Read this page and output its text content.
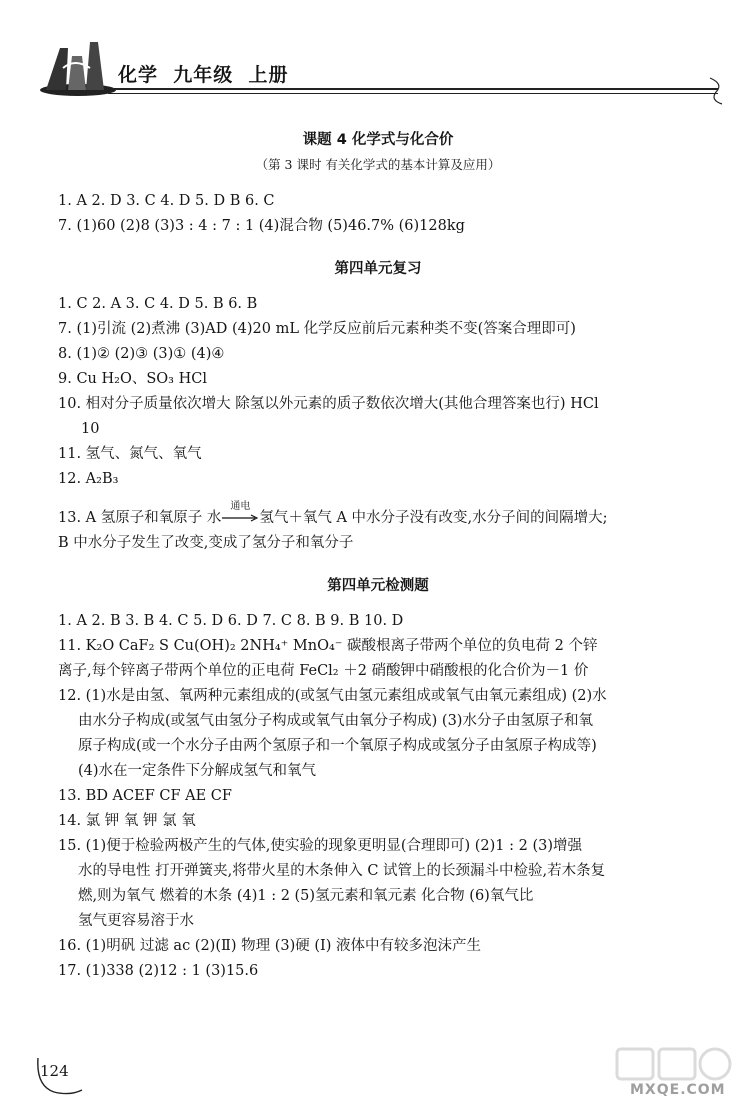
化学  九年级  上册
课题 4 化学式与化合价
（第 3 课时 有关化学式的基本计算及应用）

1. A 2. D 3. C 4. D 5. D B 6. C

7. (1)60 (2)8 (3)3 : 4 : 7 : 1 (4)混合物 (5)46.7% (6)128kg

第四单元复习

1. C 2. A 3. C 4. D 5. B 6. B

7. (1)引流 (2)煮沸 (3)AD (4)20 mL 化学反应前后元素种类不变(答案合理即可)

8. (1)② (2)③ (3)① (4)④

9. Cu H₂O、SO₃ HCl

10. 相对分子质量依次增大 除氢以外元素的质子数依次增大(其他合理答案也行) HCl

10

11. 氢气、氮气、氧气

12. A₂B₃

13. A 氢原子和氧原子 水
通电
氢气＋氧气 A 中水分子没有改变,水分子间的间隔增大;

B 中水分子发生了改变,变成了氢分子和氧分子

第四单元检测题

1. A 2. B 3. B 4. C 5. D 6. D 7. C 8. B 9. B 10. D

11. K₂O CaF₂ S Cu(OH)₂ 2NH₄⁺ MnO₄⁻ 碳酸根离子带两个单位的负电荷 2 个锌

离子,每个锌离子带两个单位的正电荷 FeCl₂ ＋2 硝酸钾中硝酸根的化合价为－1 价

12. (1)水是由氢、氧两种元素组成的(或氢气由氢元素组成或氧气由氧元素组成) (2)水

由水分子构成(或氢气由氢分子构成或氧气由氧分子构成) (3)水分子由氢原子和氧

原子构成(或一个水分子由两个氢原子和一个氧原子构成或氢分子由氢原子构成等)

(4)水在一定条件下分解成氢气和氧气

13. BD ACEF CF AE CF

14. 氯 钾 氧 钾 氯 氧

15. (1)便于检验两极产生的气体,使实验的现象更明显(合理即可) (2)1 : 2 (3)增强

水的导电性 打开弹簧夹,将带火星的木条伸入 C 试管上的长颈漏斗中检验,若木条复

燃,则为氧气 燃着的木条 (4)1 : 2 (5)氢元素和氧元素 化合物 (6)氧气比

氢气更容易溶于水

16. (1)明矾 过滤 ac (2)(Ⅱ) 物理 (3)硬 (Ⅰ) 液体中有较多泡沫产生

17. (1)338 (2)12 : 1 (3)15.6

124
MXQE.COM
